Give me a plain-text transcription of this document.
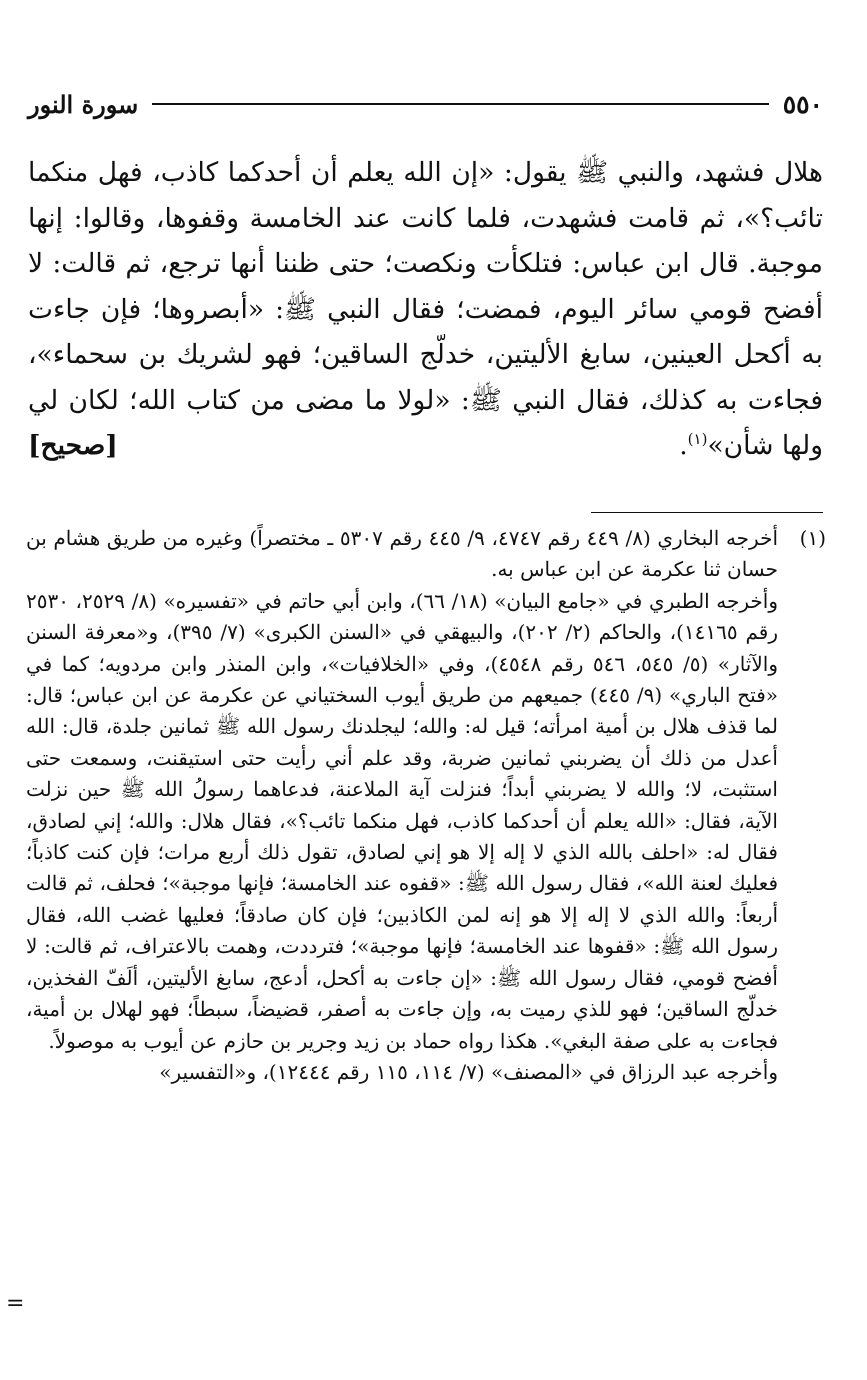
٥٥٠
سورة النور

هلال فشهد، والنبي ﷺ يقول: «إن الله يعلم أن أحدكما كاذب، فهل منكما تائب؟»، ثم قامت فشهدت، فلما كانت عند الخامسة وقفوها، وقالوا: إنها موجبة. قال ابن عباس: فتلكأت ونكصت؛ حتى ظننا أنها ترجع، ثم قالت: لا أفضح قومي سائر اليوم، فمضت؛ فقال النبي ﷺ: «أبصروها؛ فإن جاءت به أكحل العينين، سابغ الأليتين، خدلّج الساقين؛ فهو لشريك بن سحماء»، فجاءت به كذلك، فقال النبي ﷺ: «لولا ما مضى من كتاب الله؛ لكان لي ولها شأن»$^{(١)}$.
[صحيح]

(١)

أخرجه البخاري (٨/ ٤٤٩ رقم ٤٧٤٧، ٩/ ٤٤٥ رقم ٥٣٠٧ ـ مختصراً) وغيره من طريق هشام بن حسان ثنا عكرمة عن ابن عباس به.

وأخرجه الطبري في «جامع البيان» (١٨/ ٦٦)، وابن أبي حاتم في «تفسيره» (٨/ ٢٥٢٩، ٢٥٣٠ رقم ١٤١٦٥)، والحاكم (٢/ ٢٠٢)، والبيهقي في «السنن الكبرى» (٧/ ٣٩٥)، و«معرفة السنن والآثار» (٥/ ٥٤٥، ٥٤٦ رقم ٤٥٤٨)، وفي «الخلافيات»، وابن المنذر وابن مردويه؛ كما في «فتح الباري» (٩/ ٤٤٥) جميعهم من طريق أيوب السختياني عن عكرمة عن ابن عباس؛ قال: لما قذف هلال بن أمية امرأته؛ قيل له: والله؛ ليجلدنك رسول الله ﷺ ثمانين جلدة، قال: الله أعدل من ذلك أن يضربني ثمانين ضربة، وقد علم أني رأيت حتى استيقنت، وسمعت حتى استثبت، لا؛ والله لا يضربني أبداً؛ فنزلت آية الملاعنة، فدعاهما رسولُ الله ﷺ حين نزلت الآية، فقال: «الله يعلم أن أحدكما كاذب، فهل منكما تائب؟»، فقال هلال: والله؛ إني لصادق، فقال له: «احلف بالله الذي لا إله إلا هو إني لصادق، تقول ذلك أربع مرات؛ فإن كنت كاذباً؛ فعليك لعنة الله»، فقال رسول الله ﷺ: «قفوه عند الخامسة؛ فإنها موجبة»؛ فحلف، ثم قالت أربعاً: والله الذي لا إله إلا هو إنه لمن الكاذبين؛ فإن كان صادقاً؛ فعليها غضب الله، فقال رسول الله ﷺ: «قفوها عند الخامسة؛ فإنها موجبة»؛ فترددت، وهمت بالاعتراف، ثم قالت: لا أفضح قومي، فقال رسول الله ﷺ: «إن جاءت به أكحل، أدعج، سابغ الأليتين، ألَفّ الفخذين، خدلّج الساقين؛ فهو للذي رميت به، وإن جاءت به أصفر، قضيضاً، سبطاً؛ فهو لهلال بن أمية، فجاءت به على صفة البغي». هكذا رواه حماد بن زيد وجرير بن حازم عن أيوب به موصولاً.

وأخرجه عبد الرزاق في «المصنف» (٧/ ١١٤، ١١٥ رقم ١٢٤٤٤)، و«التفسير»

=
